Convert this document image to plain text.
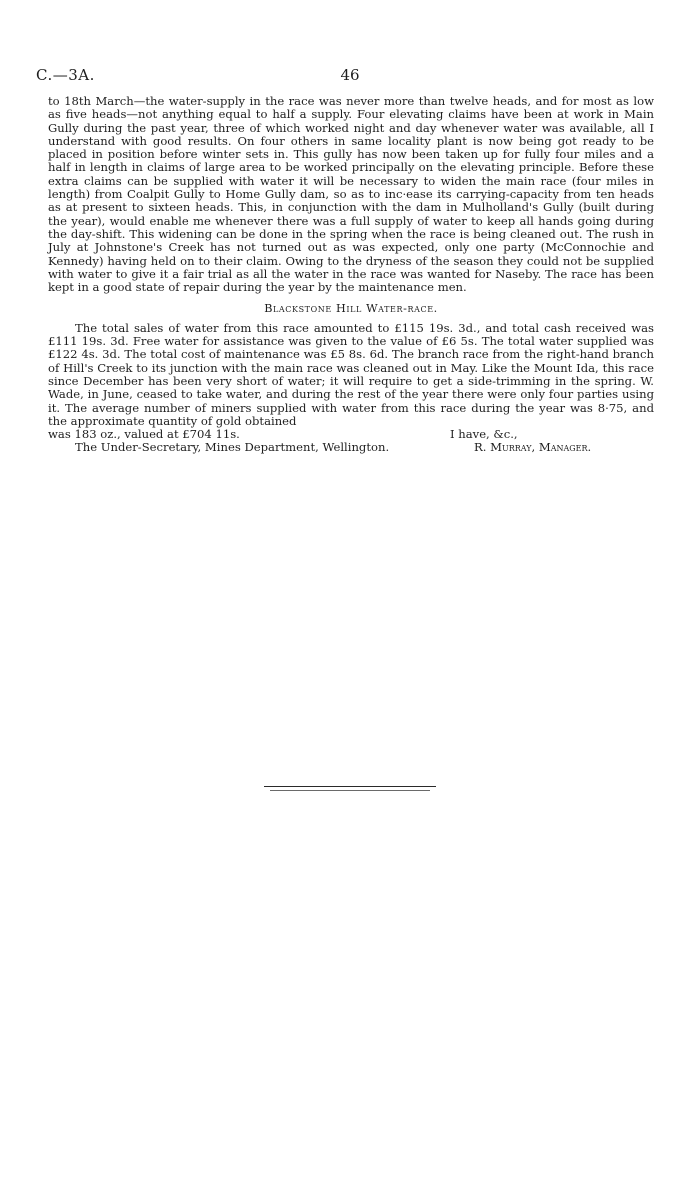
C.—3A.	46

to 18th March—the water-supply in the race was never more than twelve heads, and for most as low as five heads—not anything equal to half a supply. Four elevating claims have been at work in Main Gully during the past year, three of which worked night and day whenever water was available, all I understand with good results. On four others in same locality plant is now being got ready to be placed in position before winter sets in. This gully has now been taken up for fully four miles and a half in length in claims of large area to be worked principally on the elevating principle. Before these extra claims can be supplied with water it will be necessary to widen the main race (four miles in length) from Coalpit Gully to Home Gully dam, so as to inc·ease its carrying-capacity from ten heads as at present to sixteen heads. This, in conjunction with the dam in Mulholland's Gully (built during the year), would enable me whenever there was a full supply of water to keep all hands going during the day-shift. This widening can be done in the spring when the race is being cleaned out. The rush in July at Johnstone's Creek has not turned out as was expected, only one party (McConnochie and Kennedy) having held on to their claim. Owing to the dryness of the season they could not be supplied with water to give it a fair trial as all the water in the race was wanted for Naseby. The race has been kept in a good state of repair during the year by the maintenance men.

Blackstone Hill Water-race.

The total sales of water from this race amounted to £115 19s. 3d., and total cash received was £111 19s. 3d. Free water for assistance was given to the value of £6 5s. The total water supplied was £122 4s. 3d. The total cost of maintenance was £5 8s. 6d. The branch race from the right-hand branch of Hill's Creek to its junction with the main race was cleaned out in May. Like the Mount Ida, this race since December has been very short of water; it will require to get a side-trimming in the spring. W. Wade, in June, ceased to take water, and during the rest of the year there were only four parties using it. The average number of miners supplied with water from this race during the year was 8·75, and the approximate quantity of gold obtained

was 183 oz., valued at £704 11s.	I have, &c.,
The Under-Secretary, Mines Department, Wellington.	R. Murray, Manager.
